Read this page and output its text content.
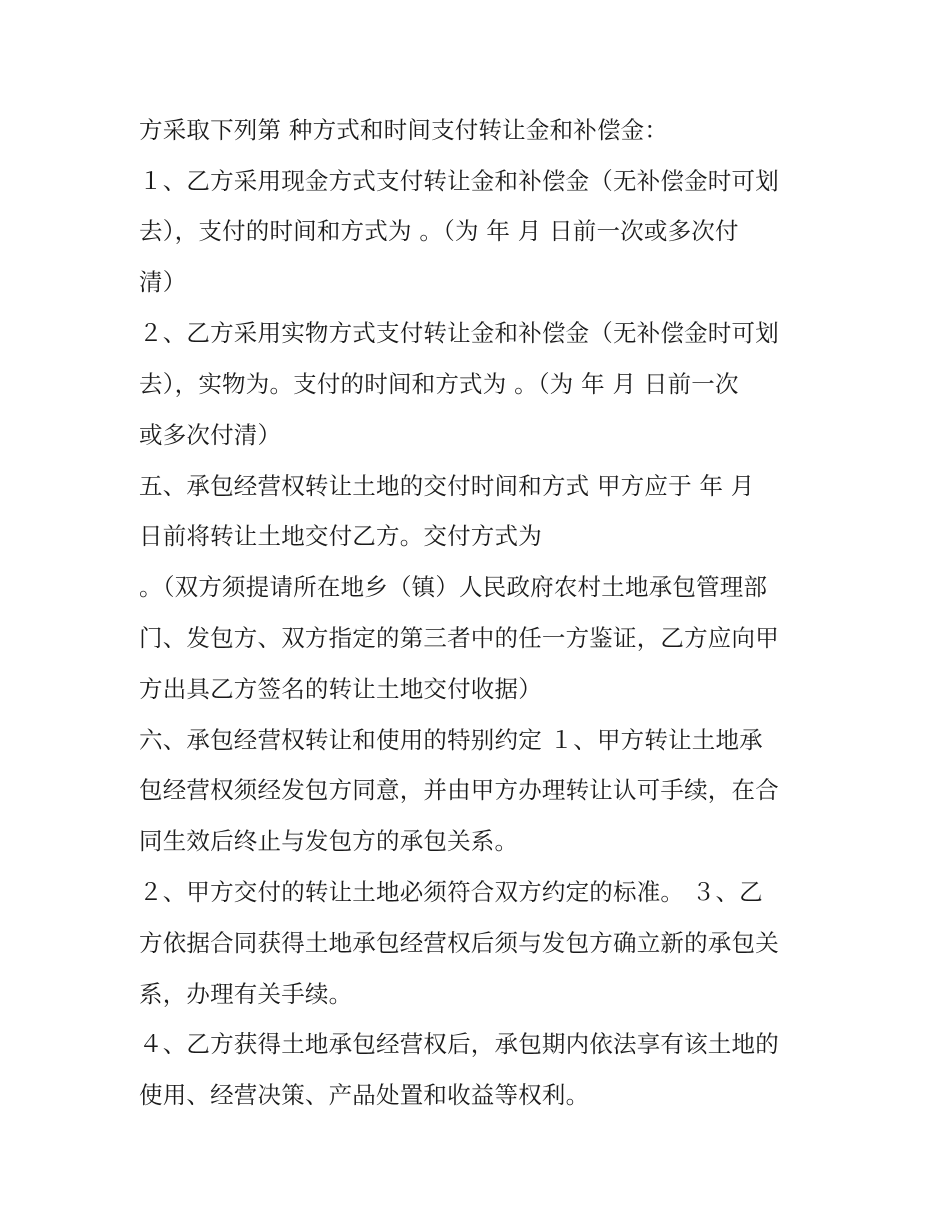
方采取下列第 种方式和时间支付转让金和补偿金：

１、乙方采用现金方式支付转让金和补偿金（无补偿金时可划

去），支付的时间和方式为 。（为 年 月 日前一次或多次付

清）

２、乙方采用实物方式支付转让金和补偿金（无补偿金时可划

去），实物为。支付的时间和方式为 。（为 年 月 日前一次

或多次付清）

五、承包经营权转让土地的交付时间和方式 甲方应于 年 月

日前将转让土地交付乙方。交付方式为

。（双方须提请所在地乡（镇）人民政府农村土地承包管理部

门、发包方、双方指定的第三者中的任一方鉴证，乙方应向甲

方出具乙方签名的转让土地交付收据）

六、承包经营权转让和使用的特别约定 １、甲方转让土地承

包经营权须经发包方同意，并由甲方办理转让认可手续，在合

同生效后终止与发包方的承包关系。

２、甲方交付的转让土地必须符合双方约定的标准。 ３、乙

方依据合同获得土地承包经营权后须与发包方确立新的承包关

系，办理有关手续。

４、乙方获得土地承包经营权后，承包期内依法享有该土地的

使用、经营决策、产品处置和收益等权利。
